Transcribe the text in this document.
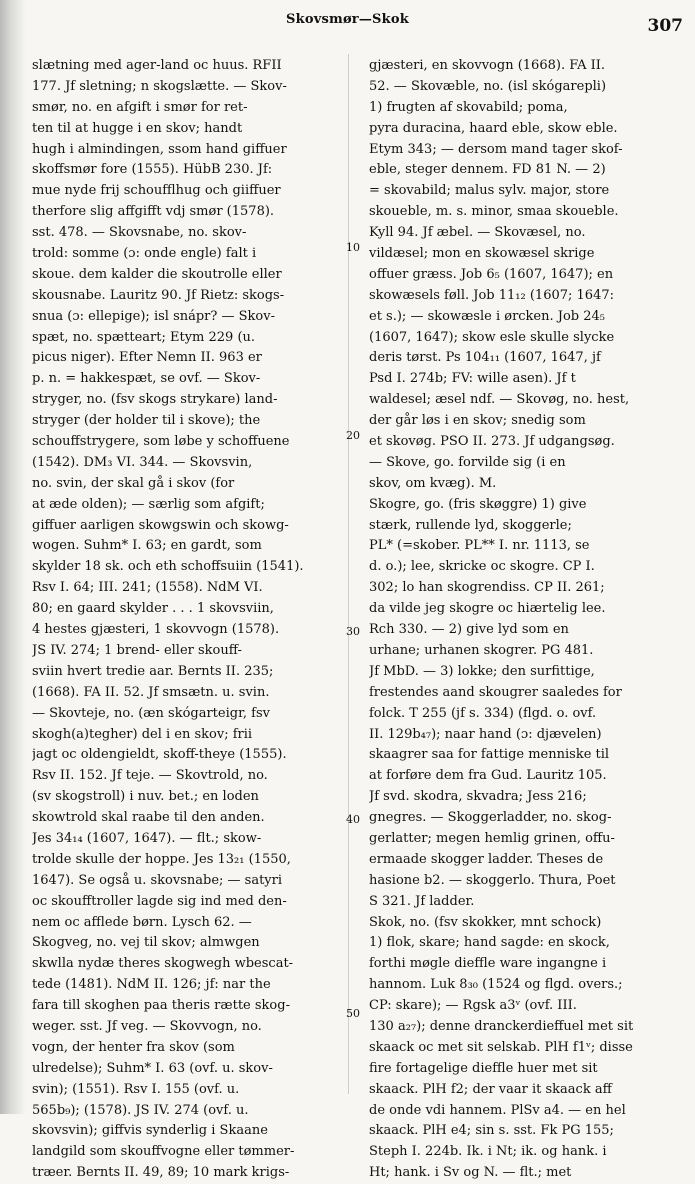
Skovsmør—Skok	307
slætning med ager-land oc huus. RFII
177. Jf sletning; n skogslætte. — Skov-
smør, no. en afgift i smør for ret-
ten til at hugge i en skov; handt
hugh i almindingen, ssom hand giffuer
skoffsmør fore (1555). HübB 230. Jf:
mue nyde frij schoufflhug och giiffuer
therfore slig affgifft vdj smør (1578).
sst. 478. — Skovsnabe, no. skov-
trold: somme (ɔ: onde engle) falt i
skoue. dem kalder die skoutrolle eller
skousnabe. Lauritz 90. Jf Rietz: skogs-
snua (ɔ: ellepige); isl snápr? — Skov-
spæt, no. spætteart; Etym 229 (u.
picus niger). Efter Nemn II. 963 er
p. n. = hakkespæt, se ovf. — Skov-
stryger, no. (fsv skogs strykare) land-
stryger (der holder til i skove); the
schouffstrygere, som løbe y schoffuene
(1542). DM₃ VI. 344. — Skovsvin,
no. svin, der skal gå i skov (for
at æde olden); — særlig som afgift;
giffuer aarligen skowgswin och skowg-
wogen. Suhm* I. 63; en gardt, som
skylder 18 sk. och eth schoffsuiin (1541).
Rsv I. 64; III. 241; (1558). NdM VI.
80; en gaard skylder . . . 1 skovsviin,
4 hestes gjæsteri, 1 skovvogn (1578).
JS IV. 274; 1 brend- eller skouff-
sviin hvert tredie aar. Bernts II. 235;
(1668). FA II. 52. Jf smsætn. u. svin.
— Skovteje, no. (æn skógarteigr, fsv
skogh(a)tegher) del i en skov; frii
jagt oc oldengieldt, skoff-theye (1555).
Rsv II. 152. Jf teje. — Skovtrold, no.
(sv skogstroll) i nuv. bet.; en loden
skowtrold skal raabe til den anden.
Jes 34₁₄ (1607, 1647). — flt.; skow-
trolde skulle der hoppe. Jes 13₂₁ (1550,
1647). Se også u. skovsnabe; — satyri
oc skoufftroller lagde sig ind med den-
nem oc afflede børn. Lysch 62. —
Skogveg, no. vej til skov; almwgen
skwlla nydæ theres skogwegh wbescat-
tede (1481). NdM II. 126; jf: nar the
fara till skoghen paa theris rætte skog-
weger. sst. Jf veg. — Skovvogn, no.
vogn, der henter fra skov (som
ulredelse); Suhm* I. 63 (ovf. u. skov-
svin); (1551). Rsv I. 155 (ovf. u.
565b₉); (1578). JS IV. 274 (ovf. u.
skovsvin); giffvis synderlig i Skaane
landgild som skouffvogne eller tømmer-
træer. Bernts II. 49, 89; 10 mark krigs-
gjæsteri, en skovvogn (1668). FA II.
52. — Skovæble, no. (isl skógarepli)
1) frugten af skovabild; poma,
pyra duracina, haard eble, skow eble.
Etym 343; — dersom mand tager skof-
eble, steger dennem. FD 81 N. — 2)
= skovabild; malus sylv. major, store
skoueble, m. s. minor, smaa skoueble.
Kyll 94. Jf æbel. — Skovæsel, no.
vildæsel; mon en skowæsel skrige
offuer græss. Job 6₅ (1607, 1647); en
skowæsels føll. Job 11₁₂ (1607; 1647:
et s.); — skowæsle i ørcken. Job 24₅
(1607, 1647); skow esle skulle slycke
deris tørst. Ps 104₁₁ (1607, 1647, jf
Psd I. 274b; FV: wille asen). Jf t
waldesel; æsel ndf. — Skovøg, no. hest,
der går løs i en skov; snedig som
et skovøg. PSO II. 273. Jf udgangsøg.
— Skove, go. forvilde sig (i en
skov, om kvæg). M.
Skogre, go. (fris skøggre) 1) give
stærk, rullende lyd, skoggerle;
PL* (=skober. PL** I. nr. 1113, se
d. o.); lee, skricke oc skogre. CP I.
302; lo han skogrendiss. CP II. 261;
da vilde jeg skogre oc hiærtelig lee.
Rch 330. — 2) give lyd som en
urhane; urhanen skogrer. PG 481.
Jf MbD. — 3) lokke; den surfittige,
frestendes aand skougrer saaledes for
folck. T 255 (jf s. 334) (flgd. o. ovf.
II. 129b₄₇); naar hand (ɔ: djævelen)
skaagrer saa for fattige menniske til
at forføre dem fra Gud. Lauritz 105.
Jf svd. skodra, skvadra; Jess 216;
gnegres. — Skoggerladder, no. skog-
gerlatter; megen hemlig grinen, offu-
ermaade skogger ladder. Theses de
hasione b2. — skoggerlo. Thura, Poet
S 321. Jf ladder.
Skok, no. (fsv skokker, mnt schock)
1) flok, skare; hand sagde: en skock,
forthi møgle dieffle ware ingangne i
hannom. Luk 8₃₀ (1524 og flgd. overs.;
CP: skare); — Rgsk a3ᵛ (ovf. III.
130 a₂₇); denne dranckerdieffuel met sit
skaack oc met sit selskab. PlH f1ᵛ; disse
fire fortagelige dieffle huer met sit
skaack. PlH f2; der vaar it skaack aff
de onde vdi hannem. PlSv a4. — en hel
skaack. PlH e4; sin s. sst. Fk PG 155;
Steph I. 224b. Ik. i Nt; ik. og hank. i
Ht; hank. i Sv og N. — flt.; met
10
20
30
40
50
